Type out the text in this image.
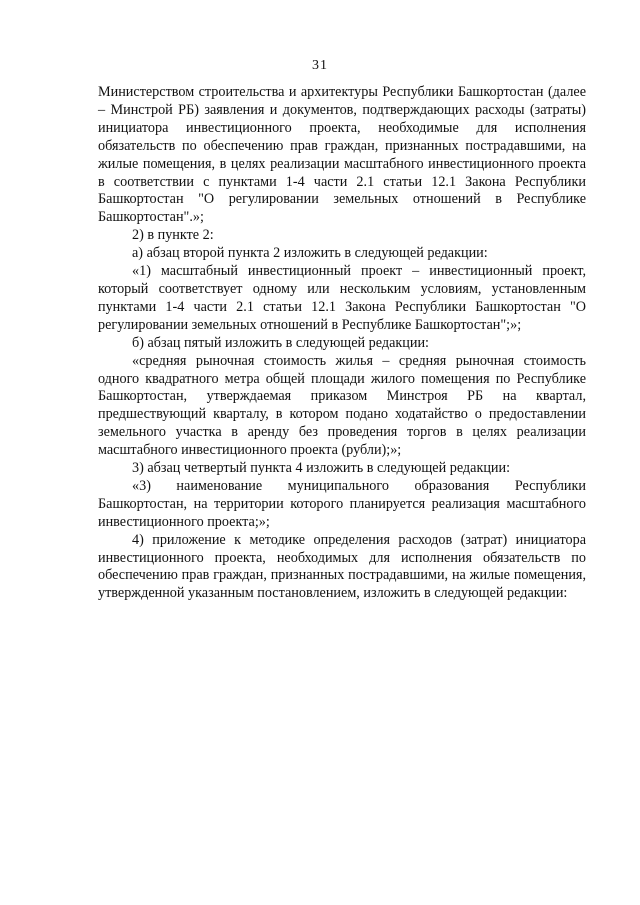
31

Министерством строительства и архитектуры Республики Башкортостан (далее – Минстрой РБ) заявления и документов, подтверждающих расходы (затраты) инициатора инвестиционного проекта, необходимые для исполнения обязательств по обеспечению прав граждан, признанных пострадавшими, на жилые помещения, в целях реализации масштабного инвестиционного проекта в соответствии с пунктами 1-4 части 2.1 статьи 12.1 Закона Республики Башкортостан "О регулировании земельных отношений в Республике Башкортостан".»;

2) в пункте 2:

а) абзац второй пункта 2 изложить в следующей редакции:

«1) масштабный инвестиционный проект – инвестиционный проект, который соответствует одному или нескольким условиям, установленным пунктами 1-4 части 2.1 статьи 12.1 Закона Республики Башкортостан "О регулировании земельных отношений в Республике Башкортостан";»;

б) абзац пятый изложить в следующей редакции:

«средняя рыночная стоимость жилья – средняя рыночная стоимость одного квадратного метра общей площади жилого помещения по Республике Башкортостан, утверждаемая приказом Минстроя РБ на квартал, предшествующий кварталу, в котором подано ходатайство о предоставлении земельного участка в аренду без проведения торгов в целях реализации масштабного инвестиционного проекта (рубли);»;

3) абзац четвертый пункта 4 изложить в следующей редакции:

«3) наименование муниципального образования Республики Башкортостан, на территории которого планируется реализация масштабного инвестиционного проекта;»;

4) приложение к методике определения расходов (затрат) инициатора инвестиционного проекта, необходимых для исполнения обязательств по обеспечению прав граждан, признанных пострадавшими, на жилые помещения, утвержденной указанным постановлением, изложить в следующей редакции:
